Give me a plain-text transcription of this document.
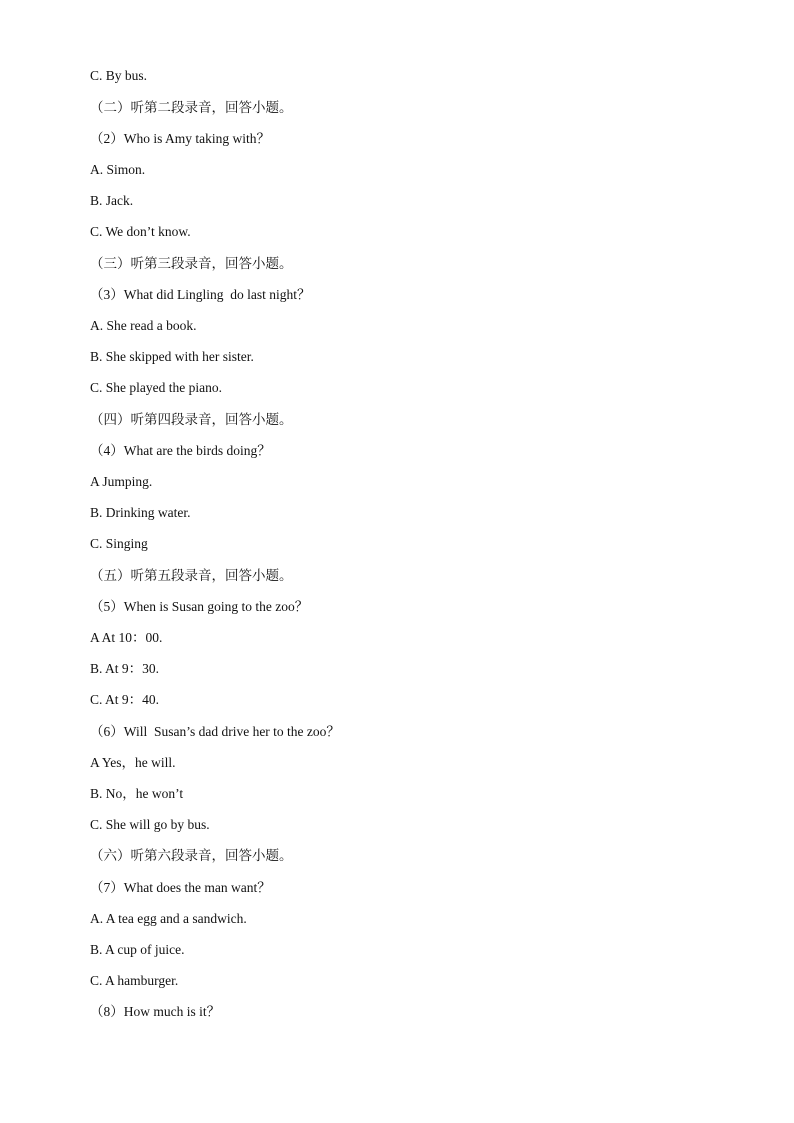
C. By bus.
（二）听第二段录音，回答小题。
（2）Who is Amy taking with？
A. Simon.
B. Jack.
C. We don’t know.
（三）听第三段录音，回答小题。
（3）What did Lingling  do last night？
A. She read a book.
B. She skipped with her sister.
C. She played the piano.
（四）听第四段录音，回答小题。
（4）What are the birds doing？
A Jumping.
B. Drinking water.
C. Singing
（五）听第五段录音，回答小题。
（5）When is Susan going to the zoo？
A At 10：00.
B. At 9：30.
C. At 9：40.
（6）Will  Susan’s dad drive her to the zoo？
A Yes，he will.
B. No，he won’t
C. She will go by bus.
（六）听第六段录音，回答小题。
（7）What does the man want？
A. A tea egg and a sandwich.
B. A cup of juice.
C. A hamburger.
（8）How much is it？
